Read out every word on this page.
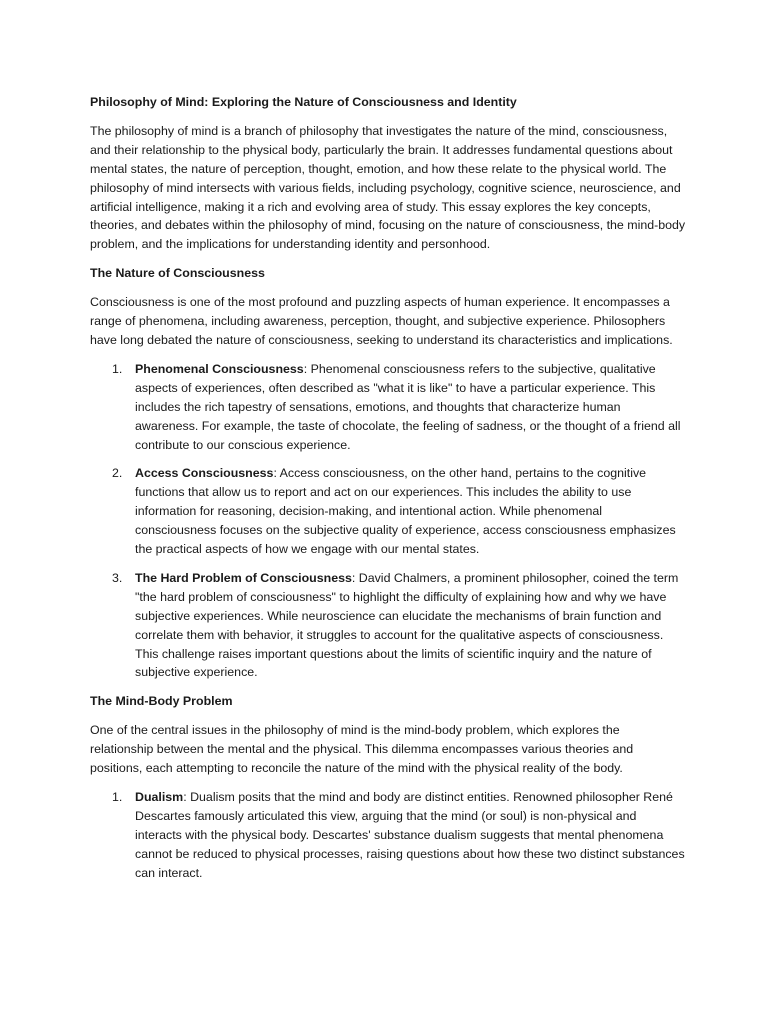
Philosophy of Mind: Exploring the Nature of Consciousness and Identity

The philosophy of mind is a branch of philosophy that investigates the nature of the mind, consciousness, and their relationship to the physical body, particularly the brain. It addresses fundamental questions about mental states, the nature of perception, thought, emotion, and how these relate to the physical world. The philosophy of mind intersects with various fields, including psychology, cognitive science, neuroscience, and artificial intelligence, making it a rich and evolving area of study. This essay explores the key concepts, theories, and debates within the philosophy of mind, focusing on the nature of consciousness, the mind-body problem, and the implications for understanding identity and personhood.

The Nature of Consciousness

Consciousness is one of the most profound and puzzling aspects of human experience. It encompasses a range of phenomena, including awareness, perception, thought, and subjective experience. Philosophers have long debated the nature of consciousness, seeking to understand its characteristics and implications.

1. Phenomenal Consciousness: Phenomenal consciousness refers to the subjective, qualitative aspects of experiences, often described as "what it is like" to have a particular experience. This includes the rich tapestry of sensations, emotions, and thoughts that characterize human awareness. For example, the taste of chocolate, the feeling of sadness, or the thought of a friend all contribute to our conscious experience.
2. Access Consciousness: Access consciousness, on the other hand, pertains to the cognitive functions that allow us to report and act on our experiences. This includes the ability to use information for reasoning, decision-making, and intentional action. While phenomenal consciousness focuses on the subjective quality of experience, access consciousness emphasizes the practical aspects of how we engage with our mental states.
3. The Hard Problem of Consciousness: David Chalmers, a prominent philosopher, coined the term "the hard problem of consciousness" to highlight the difficulty of explaining how and why we have subjective experiences. While neuroscience can elucidate the mechanisms of brain function and correlate them with behavior, it struggles to account for the qualitative aspects of consciousness. This challenge raises important questions about the limits of scientific inquiry and the nature of subjective experience.
The Mind-Body Problem

One of the central issues in the philosophy of mind is the mind-body problem, which explores the relationship between the mental and the physical. This dilemma encompasses various theories and positions, each attempting to reconcile the nature of the mind with the physical reality of the body.

1. Dualism: Dualism posits that the mind and body are distinct entities. Renowned philosopher René Descartes famously articulated this view, arguing that the mind (or soul) is non-physical and interacts with the physical body. Descartes' substance dualism suggests that mental phenomena cannot be reduced to physical processes, raising questions about how these two distinct substances can interact.
